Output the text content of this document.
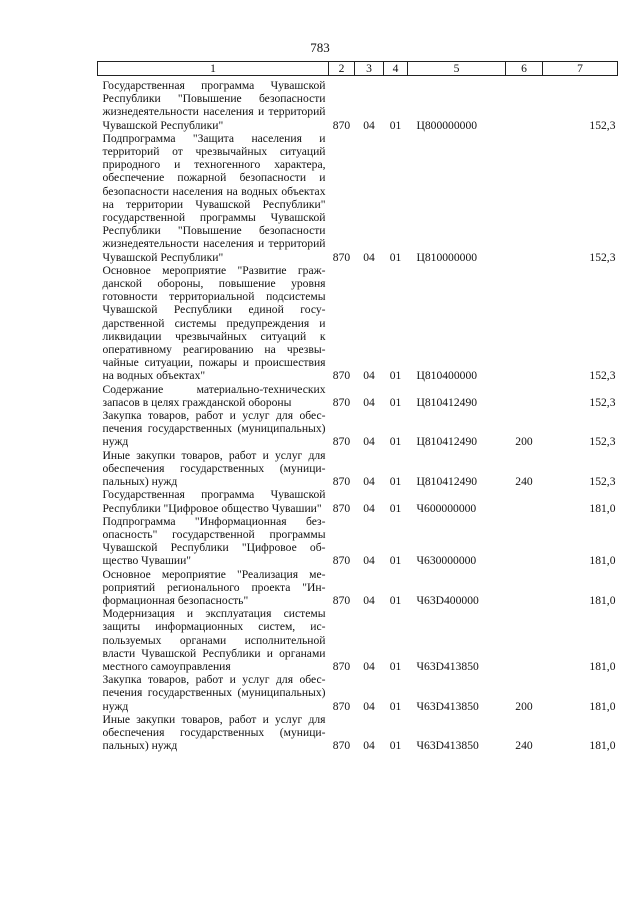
783
1	2	3	4	5	6	7
Государственная программа Чувашской Республики "Повышение безопасности жизнедеятельности населения и территорий Чувашской Республики"	870	04	01	Ц800000000		152,3
Подпрограмма "Защита населения и территорий от чрезвычайных ситуаций природного и техногенного характера, обеспечение пожарной безопасности и безопасности населения на водных объектах на территории Чувашской Республики" государственной программы Чувашской Республики "Повышение безопасности жизнедеятельности населения и территорий Чувашской Республики"	870	04	01	Ц810000000		152,3
Основное мероприятие "Развитие гражданской обороны, повышение уровня готовности территориальной подсистемы Чувашской Республики единой государственной системы предупреждения и ликвидации чрезвычайных ситуаций к оперативному реагированию на чрезвычайные ситуации, пожары и происшествия на водных объектах"	870	04	01	Ц810400000		152,3
Содержание материально-технических запасов в целях гражданской обороны	870	04	01	Ц810412490		152,3
Закупка товаров, работ и услуг для обеспечения государственных (муниципальных) нужд	870	04	01	Ц810412490	200	152,3
Иные закупки товаров, работ и услуг для обеспечения государственных (муниципальных) нужд	870	04	01	Ц810412490	240	152,3
Государственная программа Чувашской Республики "Цифровое общество Чувашии"	870	04	01	Ч600000000		181,0
Подпрограмма "Информационная безопасность" государственной программы Чувашской Республики "Цифровое общество Чувашии"	870	04	01	Ч630000000		181,0
Основное мероприятие "Реализация мероприятий регионального проекта "Информационная безопасность"	870	04	01	Ч63D400000		181,0
Модернизация и эксплуатация системы защиты информационных систем, используемых органами исполнительной власти Чувашской Республики и органами местного самоуправления	870	04	01	Ч63D413850		181,0
Закупка товаров, работ и услуг для обеспечения государственных (муниципальных) нужд	870	04	01	Ч63D413850	200	181,0
Иные закупки товаров, работ и услуг для обеспечения государственных (муниципальных) нужд	870	04	01	Ч63D413850	240	181,0
